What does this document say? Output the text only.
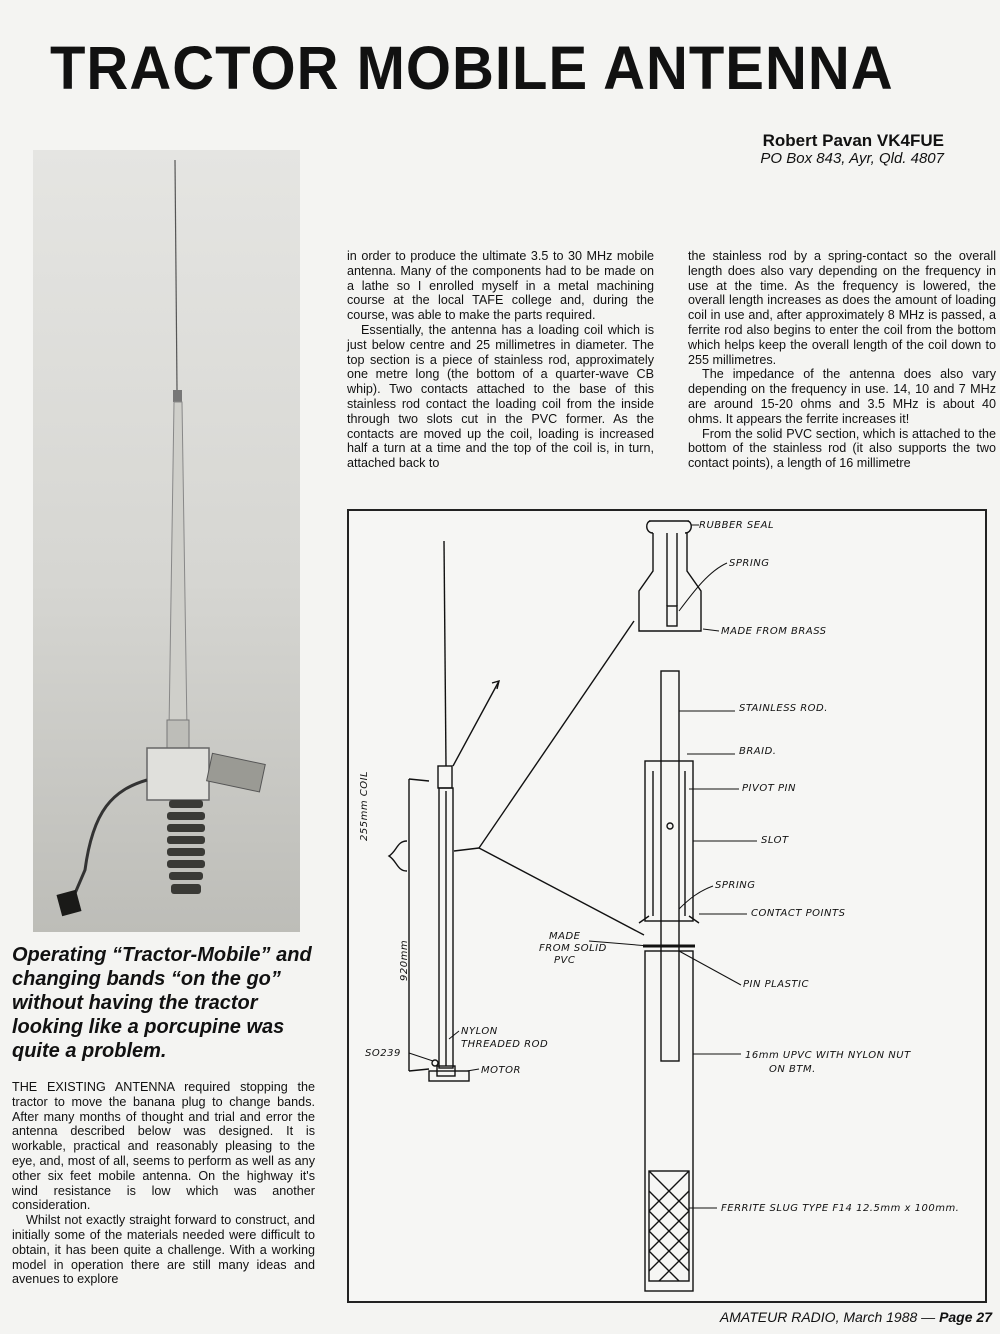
TRACTOR MOBILE ANTENNA
Robert Pavan VK4FUE
PO Box 843, Ayr, Qld. 4807
Operating “Tractor-Mobile” and changing bands “on the go” without having the tractor looking like a porcupine was quite a problem.

THE EXISTING ANTENNA required stopping the tractor to move the banana plug to change bands. After many months of thought and trial and error the antenna described below was designed. It is workable, practical and reasonably pleasing to the eye, and, most of all, seems to perform as well as any other six feet mobile antenna. On the highway it's wind resistance is low which was another consideration.

Whilst not exactly straight forward to construct, and initially some of the materials needed were difficult to obtain, it has been quite a challenge. With a working model in operation there are still many ideas and avenues to explore

in order to produce the ultimate 3.5 to 30 MHz mobile antenna. Many of the components had to be made on a lathe so I enrolled myself in a metal machining course at the local TAFE college and, during the course, was able to make the parts required.

Essentially, the antenna has a loading coil which is just below centre and 25 millimetres in diameter. The top section is a piece of stainless rod, approximately one metre long (the bottom of a quarter-wave CB whip). Two contacts attached to the base of this stainless rod contact the loading coil from the inside through two slots cut in the PVC former. As the contacts are moved up the coil, loading is increased half a turn at a time and the top of the coil is, in turn, attached back to

the stainless rod by a spring-contact so the overall length does also vary depending on the frequency in use at the time. As the frequency is lowered, the overall length increases as does the amount of loading coil in use and, after approximately 8 MHz is passed, a ferrite rod also begins to enter the coil from the bottom which helps keep the overall length of the coil down to 255 millimetres.

The impedance of the antenna does also vary depending on the frequency in use. 14, 10 and 7 MHz are around 15-20 ohms and 3.5 MHz is about 40 ohms. It appears the ferrite increases it!

From the solid PVC section, which is attached to the bottom of the stainless rod (it also supports the two contact points), a length of 16 millimetre

255mm COIL
920mm
NYLON
THREADED ROD
SO239
MOTOR
RUBBER SEAL
SPRING
MADE FROM BRASS
STAINLESS ROD.
BRAID.
PIVOT PIN
SLOT
SPRING
CONTACT POINTS
MADE
FROM SOLID
PVC
PIN PLASTIC
16mm UPVC WITH NYLON NUT
ON BTM.
FERRITE SLUG TYPE F14 12.5mm x 100mm.
AMATEUR RADIO, March 1988 — Page 27
